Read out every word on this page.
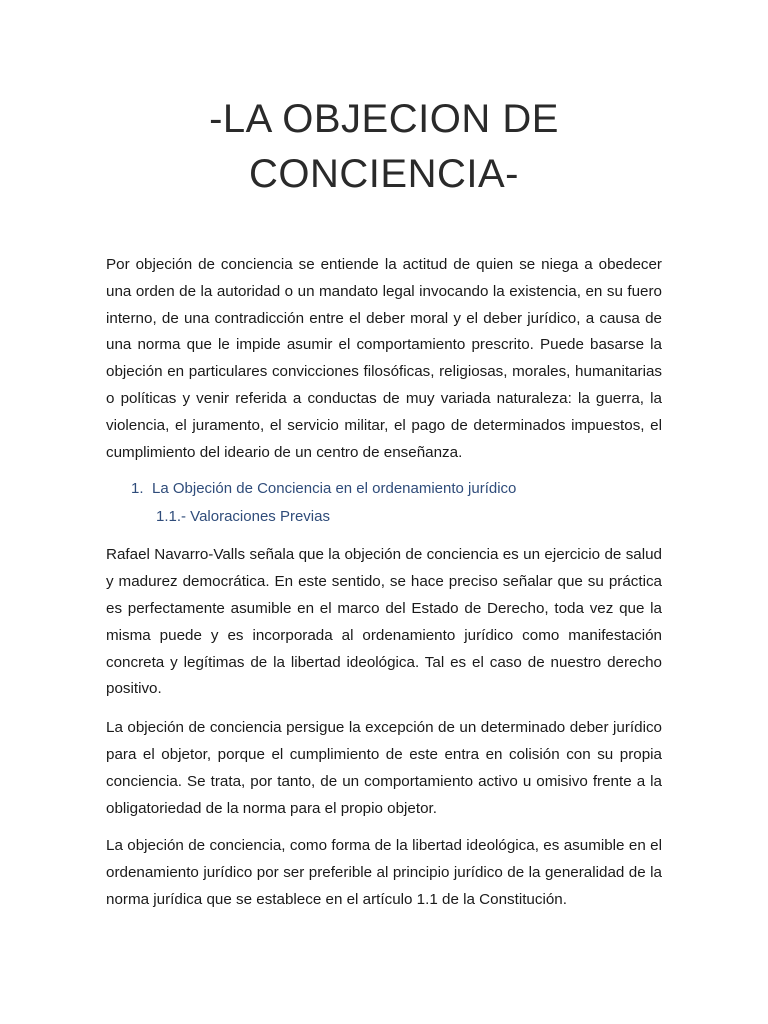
-LA OBJECION DE
CONCIENCIA-

Por objeción de conciencia se entiende la actitud de quien se niega a obedecer una orden de la autoridad o un mandato legal invocando la existencia, en su fuero interno, de una contradicción entre el deber moral y el deber jurídico, a causa de una norma que le impide asumir el comportamiento prescrito. Puede basarse la objeción en particulares convicciones filosóficas, religiosas, morales, humanitarias o políticas y venir referida a conductas de muy variada naturaleza: la guerra, la violencia, el juramento, el servicio militar, el pago de determinados impuestos, el cumplimiento del ideario de un centro de enseñanza.

1. La Objeción de Conciencia en el ordenamiento jurídico
1.1.- Valoraciones Previas

Rafael Navarro-Valls señala que la objeción de conciencia es un ejercicio de salud y madurez democrática. En este sentido, se hace preciso señalar que su práctica es perfectamente asumible en el marco del Estado de Derecho, toda vez que la misma puede y es incorporada al ordenamiento jurídico como manifestación concreta y legítimas de la libertad ideológica. Tal es el caso de nuestro derecho positivo.

La objeción de conciencia persigue la excepción de un determinado deber jurídico para el objetor, porque el cumplimiento de este entra en colisión con su propia conciencia. Se trata, por tanto, de un comportamiento activo u omisivo frente a la obligatoriedad de la norma para el propio objetor.

La objeción de conciencia, como forma de la libertad ideológica, es asumible en el ordenamiento jurídico por ser preferible al principio jurídico de la generalidad de la norma jurídica que se establece en el artículo 1.1 de la Constitución.
